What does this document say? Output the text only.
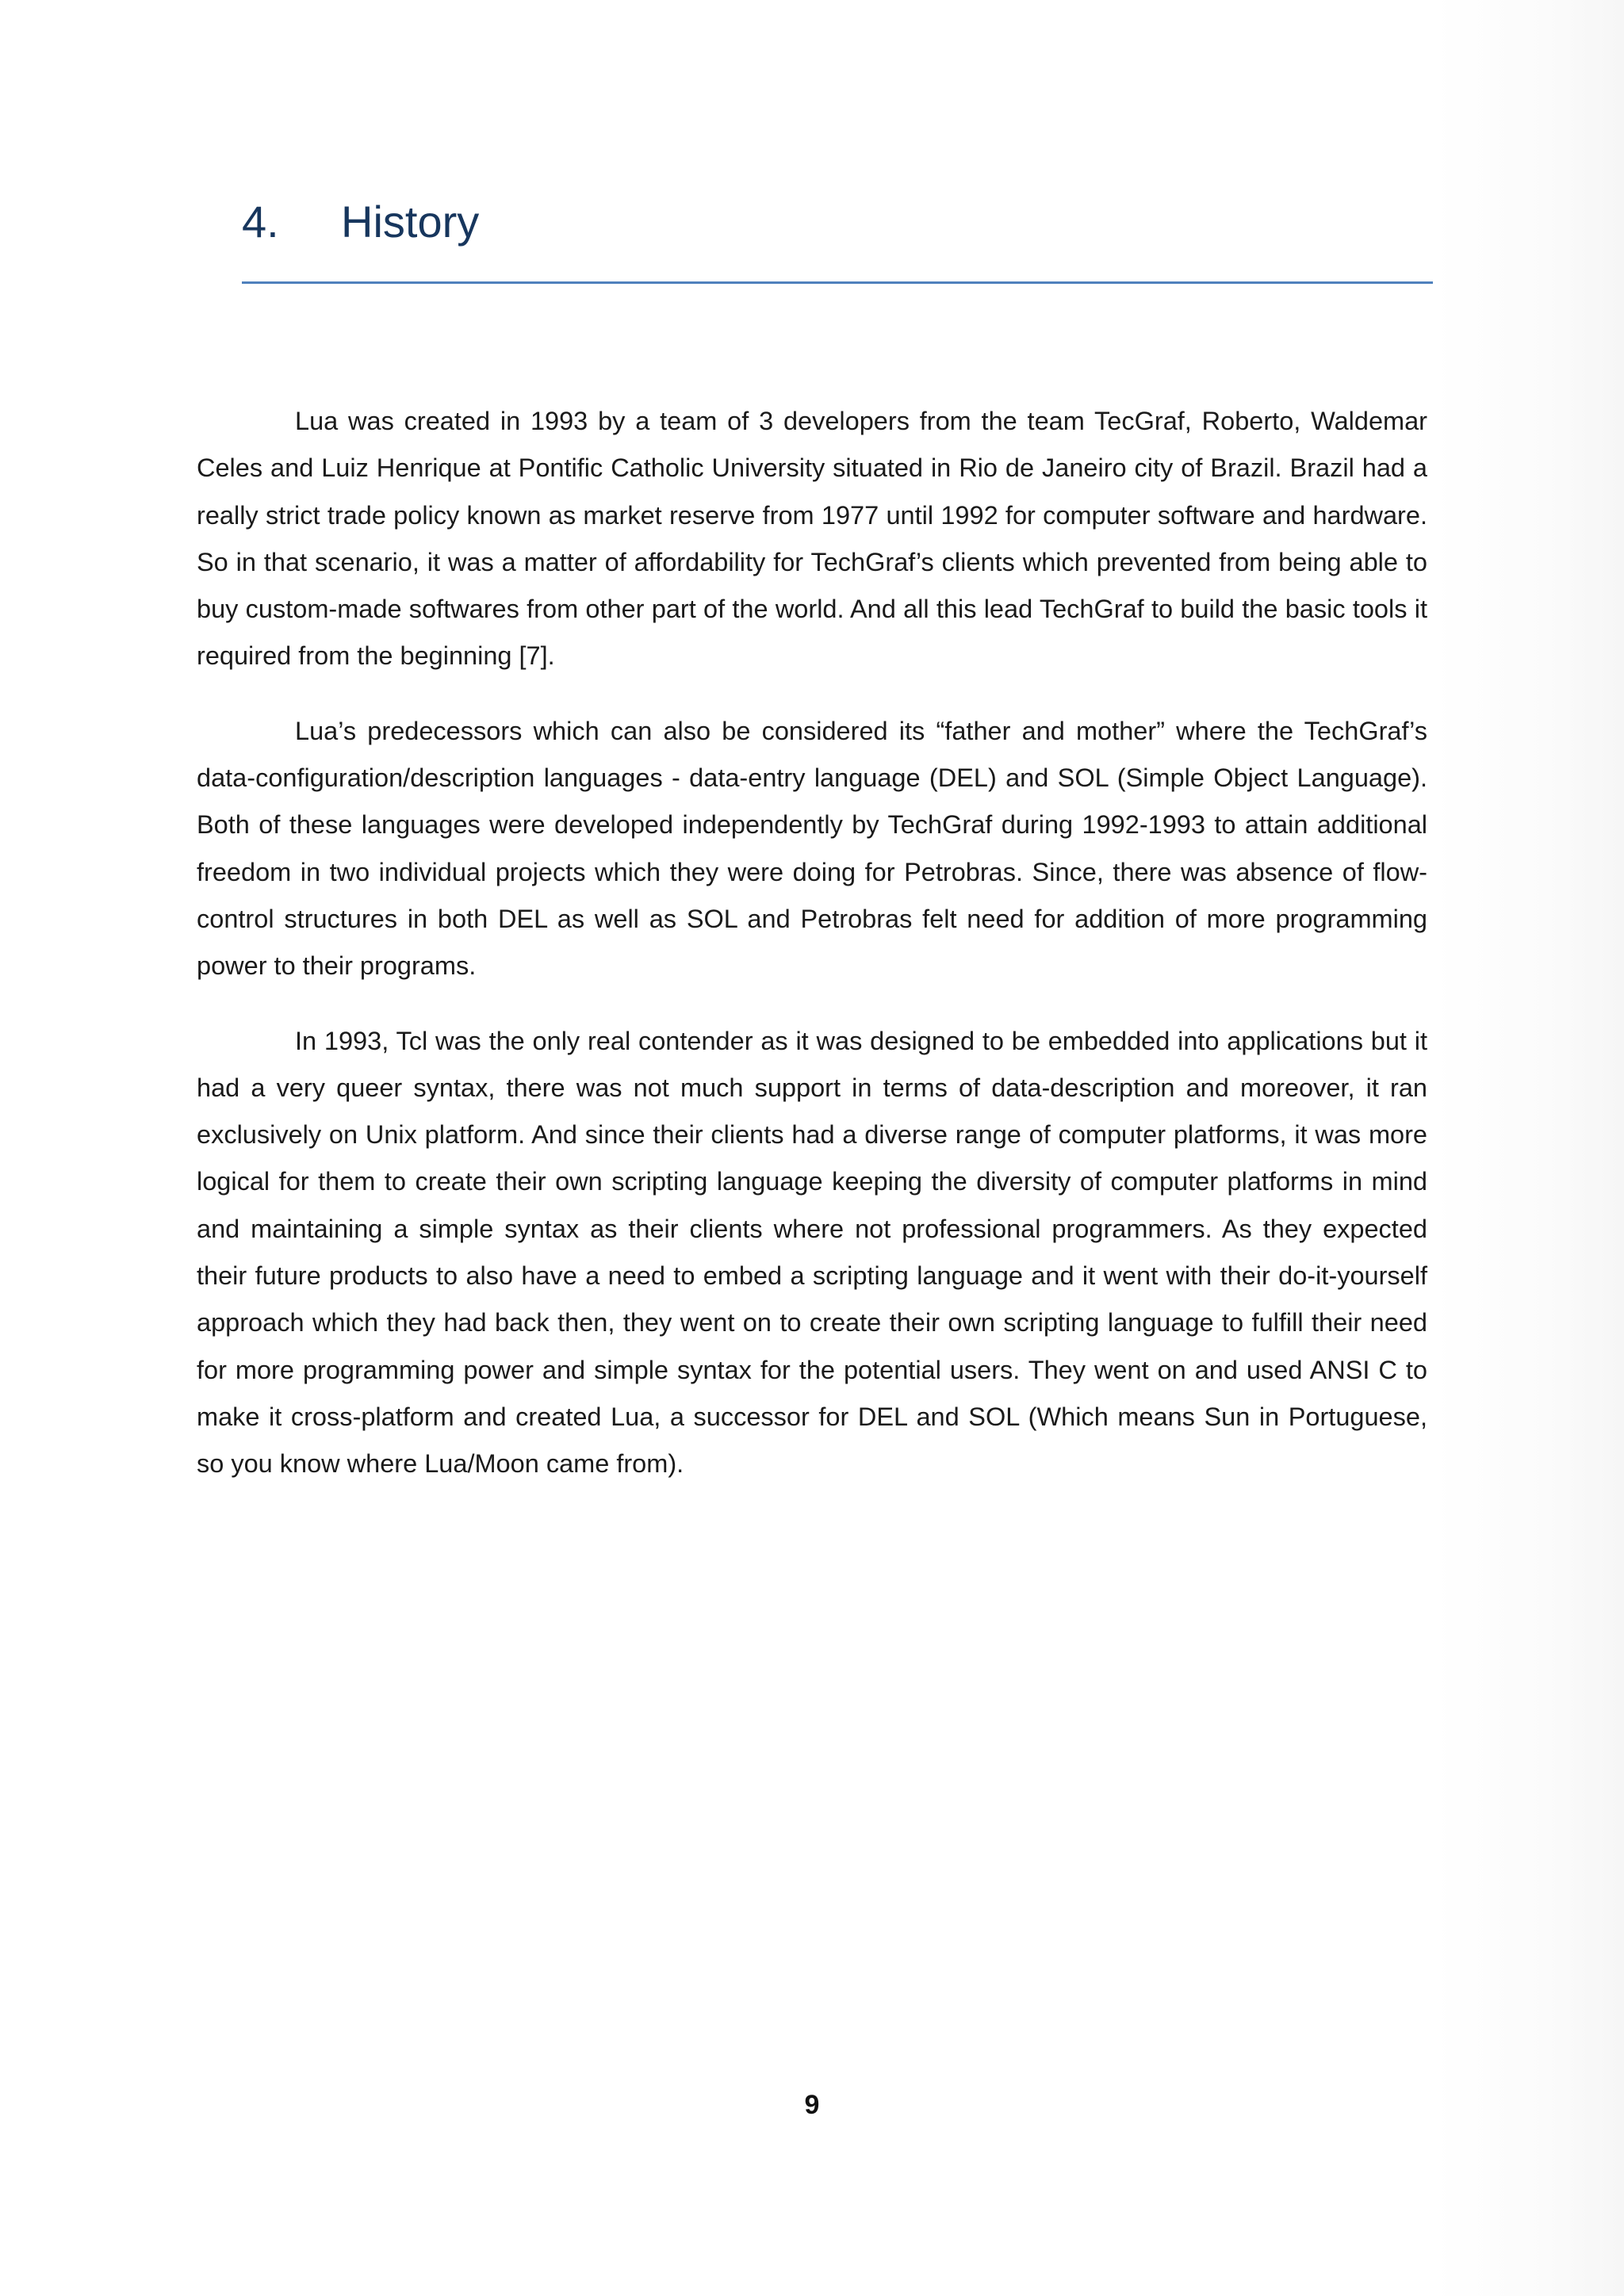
4. History

Lua was created in 1993 by a team of 3 developers from the team TecGraf, Roberto, Waldemar Celes and Luiz Henrique at Pontific Catholic University situated in Rio de Janeiro city of Brazil. Brazil had a really strict trade policy known as market reserve from 1977 until 1992 for computer software and hardware. So in that scenario, it was a matter of affordability for TechGraf’s clients which prevented from being able to buy custom-made softwares from other part of the world. And all this lead TechGraf to build the basic tools it required from the beginning [7].

Lua’s predecessors which can also be considered its “father and mother” where the TechGraf’s data-configuration/description languages - data-entry language (DEL) and SOL (Simple Object Language). Both of these languages were developed independently by TechGraf during 1992-1993 to attain additional freedom in two individual projects which they were doing for Petrobras. Since, there was absence of flow-control structures in both DEL as well as SOL and Petrobras felt need for addition of more programming power to their programs.

In 1993, Tcl was the only real contender as it was designed to be embedded into applications but it had a very queer syntax, there was not much support in terms of data-description and moreover, it ran exclusively on Unix platform. And since their clients had a diverse range of computer platforms, it was more logical for them to create their own scripting language keeping the diversity of computer platforms in mind and maintaining a simple syntax as their clients where not professional programmers. As they expected their future products to also have a need to embed a scripting language and it went with their do-it-yourself approach which they had back then, they went on to create their own scripting language to fulfill their need for more programming power and simple syntax for the potential users. They went on and used ANSI C to make it cross-platform and created Lua, a successor for DEL and SOL (Which means Sun in Portuguese, so you know where Lua/Moon came from).

9
